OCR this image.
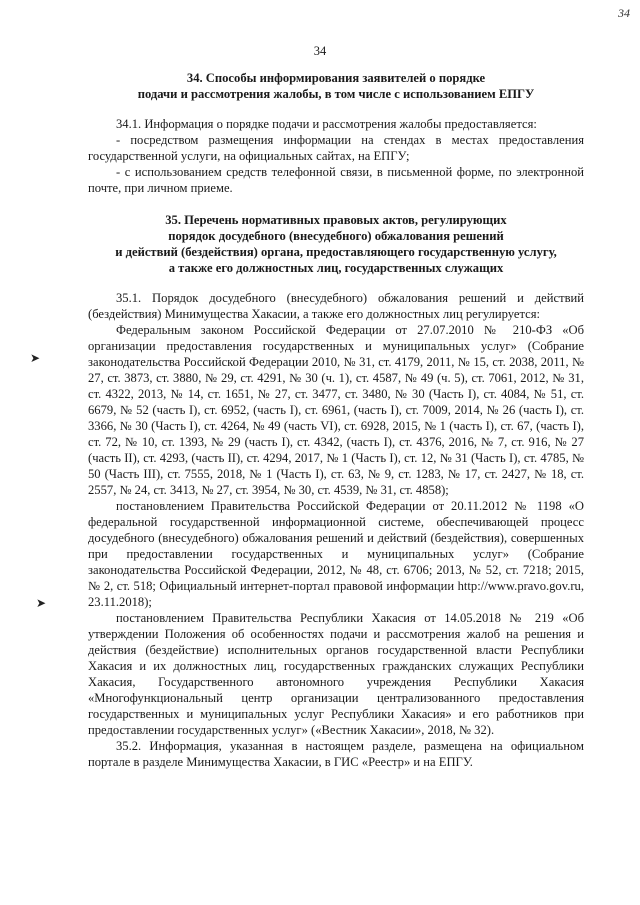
34
34
➤
➤
34. Способы информирования заявителей о порядке
подачи и рассмотрения жалобы, в том числе с использованием ЕПГУ

34.1. Информация о порядке подачи и рассмотрения жалобы предоставляется:

- посредством размещения информации на стендах в местах предоставления государственной услуги, на официальных сайтах, на ЕПГУ;

- с использованием средств телефонной связи, в письменной форме, по электронной почте, при личном приеме.

35. Перечень нормативных правовых актов, регулирующих
порядок досудебного (внесудебного) обжалования решений
и действий (бездействия) органа, предоставляющего государственную услугу,
а также его должностных лиц, государственных служащих

35.1. Порядок досудебного (внесудебного) обжалования решений и действий (бездействия) Минимущества Хакасии, а также его должностных лиц регулируется:

Федеральным законом Российской Федерации от 27.07.2010 № 210-ФЗ «Об организации предоставления государственных и муниципальных услуг» (Собрание законодательства Российской Федерации 2010, № 31, ст. 4179, 2011, № 15, ст. 2038, 2011, № 27, ст. 3873, ст. 3880, № 29, ст. 4291, № 30 (ч. 1), ст. 4587, № 49 (ч. 5), ст. 7061, 2012, № 31, ст. 4322, 2013, № 14, ст. 1651, № 27, ст. 3477, ст. 3480, № 30 (Часть I), ст. 4084, № 51, ст. 6679, № 52 (часть I), ст. 6952, (часть I), ст. 6961, (часть I), ст. 7009, 2014, № 26 (часть I), ст. 3366, № 30 (Часть I), ст. 4264, № 49 (часть VI), ст. 6928, 2015, № 1 (часть I), ст. 67, (часть I), ст. 72, № 10, ст. 1393, № 29 (часть I), ст. 4342, (часть I), ст. 4376, 2016, № 7, ст. 916, № 27 (часть II), ст. 4293, (часть II), ст. 4294, 2017, № 1 (Часть I), ст. 12, № 31 (Часть I), ст. 4785, № 50 (Часть III), ст. 7555, 2018, № 1 (Часть I), ст. 63, № 9, ст. 1283, № 17, ст. 2427, № 18, ст. 2557, № 24, ст. 3413, № 27, ст. 3954, № 30, ст. 4539, № 31, ст. 4858);

постановлением Правительства Российской Федерации от 20.11.2012 № 1198 «О федеральной государственной информационной системе, обеспечивающей процесс досудебного (внесудебного) обжалования решений и действий (бездействия), совершенных при предоставлении государственных и муниципальных услуг» (Собрание законодательства Российской Федерации, 2012, № 48, ст. 6706; 2013, № 52, ст. 7218; 2015, № 2, ст. 518; Официальный интернет-портал правовой информации http://www.pravo.gov.ru, 23.11.2018);

постановлением Правительства Республики Хакасия от 14.05.2018 № 219 «Об утверждении Положения об особенностях подачи и рассмотрения жалоб на решения и действия (бездействие) исполнительных органов государственной власти Республики Хакасия и их должностных лиц, государственных гражданских служащих Республики Хакасия, Государственного автономного учреждения Республики Хакасия «Многофункциональный центр организации централизованного предоставления государственных и муниципальных услуг Республики Хакасия» и его работников при предоставлении государственных услуг» («Вестник Хакасии», 2018, № 32).

35.2. Информация, указанная в настоящем разделе, размещена на официальном портале в разделе Минимущества Хакасии, в ГИС «Реестр» и на ЕПГУ.
